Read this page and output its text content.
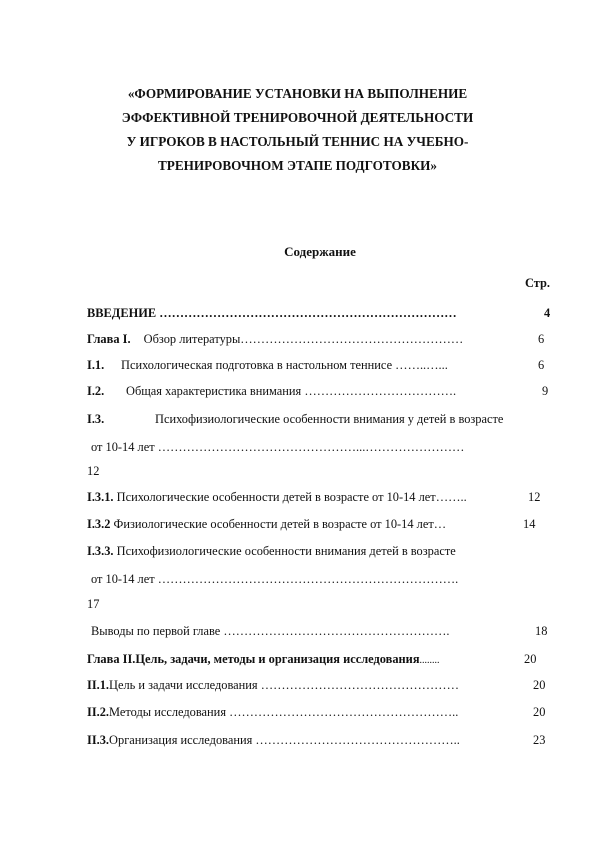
«ФОРМИРОВАНИЕ УСТАНОВКИ НА ВЫПОЛНЕНИЕ
ЭФФЕКТИВНОЙ ТРЕНИРОВОЧНОЙ ДЕЯТЕЛЬНОСТИ
У ИГРОКОВ В НАСТОЛЬНЫЙ ТЕННИС НА УЧЕБНО-
ТРЕНИРОВОЧНОМ ЭТАПЕ ПОДГОТОВКИ»
Содержание
Стр.
ВВЕДЕНИЕ ………………………………………………………………	4
Глава I. Обзор литературы………………………………………………	6
I.1. Психологическая подготовка в настольном теннисе ……..…...	6
I.2. Общая характеристика внимания ……………………………….	9
I.3.	Психофизиологические особенности внимания у детей в возрасте
от 10-14 лет …………………………………………...……………………
12
I.3.1. Психологические особенности детей в возрасте от 10-14 лет……..	12
I.3.2 Физиологические особенности детей в возрасте от 10-14 лет…	14
I.3.3. Психофизиологические особенности внимания детей в возрасте
от 10-14 лет ……………………………………………………………….
17
Выводы по первой главе ……………………………………………….	18
Глава II.Цель, задачи, методы и организация исследования........	20
II.1.Цель и задачи исследования …………………………………………	20
II.2.Методы исследования ………………………………………………..	20
II.3.Организация исследования …………………………………………..	23
